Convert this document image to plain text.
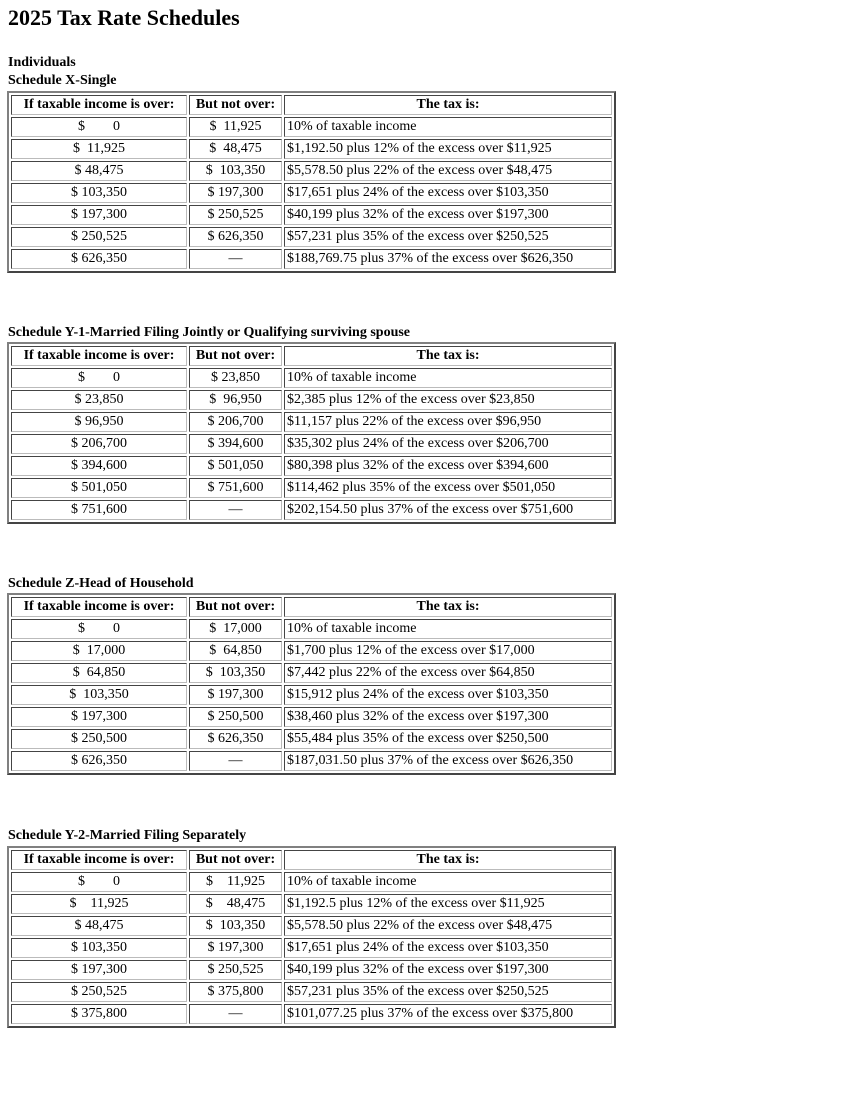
2025 Tax Rate Schedules
Individuals
Schedule X-Single
If taxable income is over:	But not over:	The tax is:
$        0	$  11,925	10% of taxable income
$  11,925	$  48,475	$1,192.50 plus 12% of the excess over $11,925
$ 48,475	$  103,350	$5,578.50 plus 22% of the excess over $48,475
$ 103,350	$ 197,300	$17,651 plus 24% of the excess over $103,350
$ 197,300	$ 250,525	$40,199 plus 32% of the excess over $197,300
$ 250,525	$ 626,350	$57,231 plus 35% of the excess over $250,525
$ 626,350	—	$188,769.75 plus 37% of the excess over $626,350
Schedule Y-1-Married Filing Jointly or Qualifying surviving spouse
If taxable income is over:	But not over:	The tax is:
$        0	$ 23,850	10% of taxable income
$ 23,850	$  96,950	$2,385 plus 12% of the excess over $23,850
$ 96,950	$ 206,700	$11,157 plus 22% of the excess over $96,950
$ 206,700	$ 394,600	$35,302 plus 24% of the excess over $206,700
$ 394,600	$ 501,050	$80,398 plus 32% of the excess over $394,600
$ 501,050	$ 751,600	$114,462 plus 35% of the excess over $501,050
$ 751,600	—	$202,154.50 plus 37% of the excess over $751,600
Schedule Z-Head of Household
If taxable income is over:	But not over:	The tax is:
$        0	$  17,000	10% of taxable income
$  17,000	$  64,850	$1,700 plus 12% of the excess over $17,000
$  64,850	$  103,350	$7,442 plus 22% of the excess over $64,850
$  103,350	$ 197,300	$15,912 plus 24% of the excess over $103,350
$ 197,300	$ 250,500	$38,460 plus 32% of the excess over $197,300
$ 250,500	$ 626,350	$55,484 plus 35% of the excess over $250,500
$ 626,350	—	$187,031.50 plus 37% of the excess over $626,350
Schedule Y-2-Married Filing Separately
If taxable income is over:	But not over:	The tax is:
$        0	$    11,925	10% of taxable income
$    11,925	$    48,475	$1,192.5 plus 12% of the excess over $11,925
$ 48,475	$  103,350	$5,578.50 plus 22% of the excess over $48,475
$ 103,350	$ 197,300	$17,651 plus 24% of the excess over $103,350
$ 197,300	$ 250,525	$40,199 plus 32% of the excess over $197,300
$ 250,525	$ 375,800	$57,231 plus 35% of the excess over $250,525
$ 375,800	—	$101,077.25 plus 37% of the excess over $375,800
